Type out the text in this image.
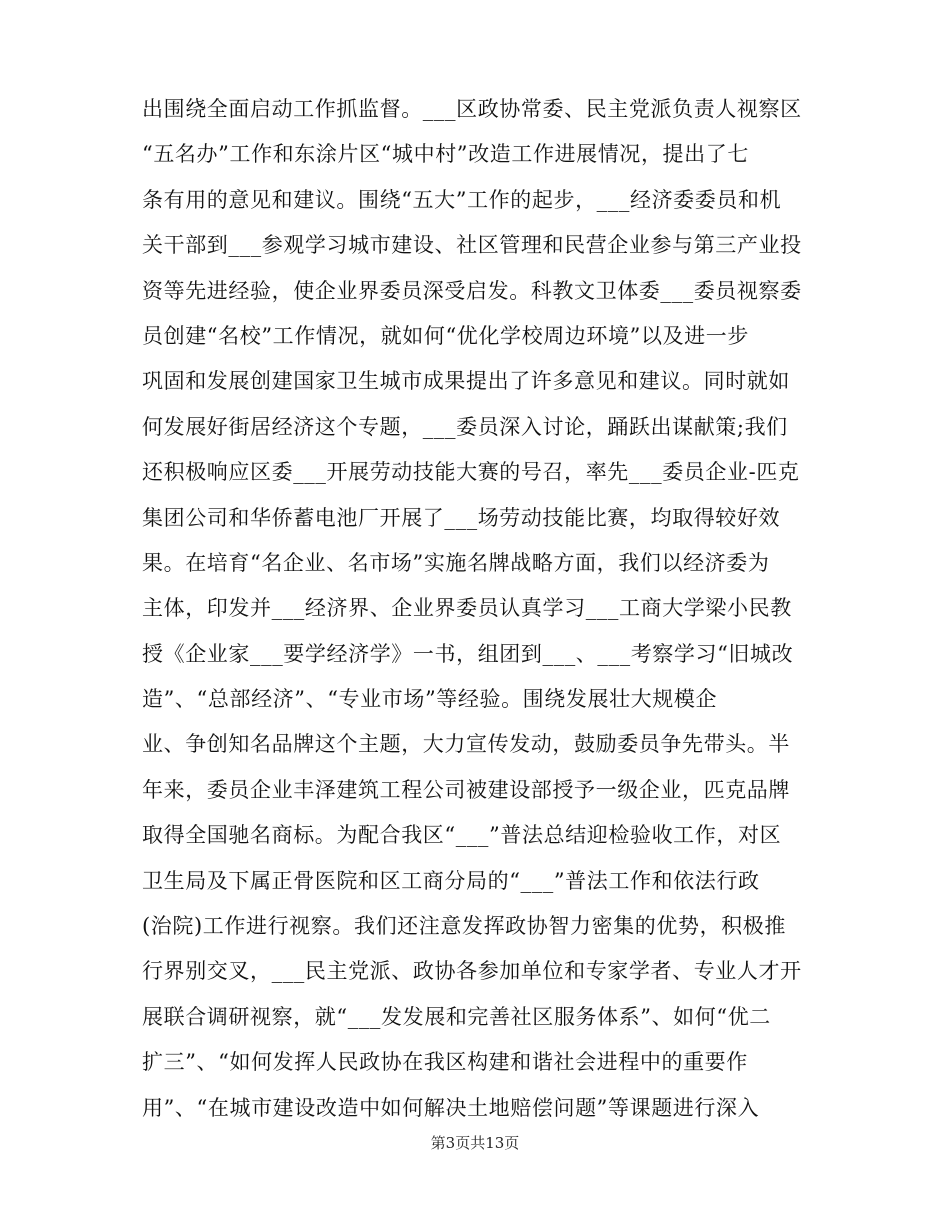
出围绕全面启动工作抓监督。___区政协常委、民主党派负责人视察区
“五名办”工作和东涂片区“城中村”改造工作进展情况，提出了七
条有用的意见和建议。围绕“五大”工作的起步，___经济委委员和机
关干部到___参观学习城市建设、社区管理和民营企业参与第三产业投
资等先进经验，使企业界委员深受启发。科教文卫体委___委员视察委
员创建“名校”工作情况，就如何“优化学校周边环境”以及进一步
巩固和发展创建国家卫生城市成果提出了许多意见和建议。同时就如
何发展好街居经济这个专题，___委员深入讨论，踊跃出谋献策;我们
还积极响应区委___开展劳动技能大赛的号召，率先___委员企业-匹克
集团公司和华侨蓄电池厂开展了___场劳动技能比赛，均取得较好效
果。在培育“名企业、名市场”实施名牌战略方面，我们以经济委为
主体，印发并___经济界、企业界委员认真学习___工商大学梁小民教
授《企业家___要学经济学》一书，组团到___、___考察学习“旧城改
造”、“总部经济”、“专业市场”等经验。围绕发展壮大规模企
业、争创知名品牌这个主题，大力宣传发动，鼓励委员争先带头。半
年来，委员企业丰泽建筑工程公司被建设部授予一级企业，匹克品牌
取得全国驰名商标。为配合我区“___”普法总结迎检验收工作，对区
卫生局及下属正骨医院和区工商分局的“___”普法工作和依法行政
(治院)工作进行视察。我们还注意发挥政协智力密集的优势，积极推
行界别交叉，___民主党派、政协各参加单位和专家学者、专业人才开
展联合调研视察，就“___发发展和完善社区服务体系”、如何“优二
扩三”、“如何发挥人民政协在我区构建和谐社会进程中的重要作
用”、“在城市建设改造中如何解决土地赔偿问题”等课题进行深入
第3页共13页
